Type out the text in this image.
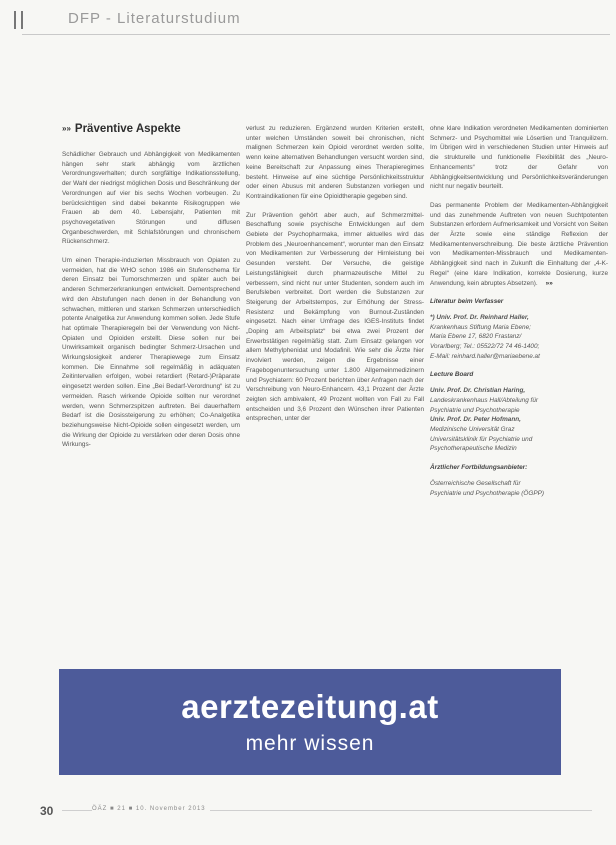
DFP - Literaturstudium
»» Präventive Aspekte

Schädlicher Gebrauch und Abhängigkeit von Medikamenten hängen sehr stark abhängig vom ärztlichen Verordnungsverhalten; durch sorgfältige Indikationsstellung, der Wahl der niedrigst möglichen Dosis und Beschränkung der Verordnungen auf vier bis sechs Wochen vorbeugen. Zu berücksichtigen sind dabei bekannte Risikogruppen wie Frauen ab dem 40. Lebensjahr, Patienten mit psychovegetativen Störungen und diffusen Organbeschwerden, mit Schlafstörungen und chronischem Rückenschmerz.

Um einen Therapie-induzierten Missbrauch von Opiaten zu vermeiden, hat die WHO schon 1986 ein Stufenschema für deren Einsatz bei Tumorschmerzen und später auch bei anderen Schmerzerkrankungen entwickelt. Dementsprechend wird den Abstufungen nach denen in der Behandlung von schwachen, mittleren und starken Schmerzen unterschiedlich potente Analgetika zur Anwendung kommen sollen. Jede Stufe hat optimale Therapieregeln bei der Verwendung von Nicht-Opiaten und Opioiden erstellt. Diese sollen nur bei Unwirksamkeit organisch bedingter Schmerz-Ursachen und Wirkungslosigkeit anderer Therapiewege zum Einsatz kommen. Die Einnahme soll regelmäßig in adäquaten Zeitintervallen erfolgen, wobei retardiert (Retard-)Präparate eingesetzt werden sollen. Eine „Bei Bedarf-Verordnung“ ist zu vermeiden. Rasch wirkende Opioide sollten nur verordnet werden, wenn Schmerzspitzen auftreten. Bei dauerhaftem Bedarf ist die Dosissteigerung zu erhöhen; Co-Analgetika beziehungsweise Nicht-Opioide sollen eingesetzt werden, um die Wirkung der Opioide zu verstärken oder deren Dosis ohne Wirkungs-

verlust zu reduzieren. Ergänzend wurden Kriterien erstellt, unter welchen Umständen soweit bei chronischen, nicht malignen Schmerzen kein Opioid verordnet werden sollte, wenn keine alternativen Behandlungen versucht worden sind, keine Bereitschaft zur Anpassung eines Therapieregimes besteht. Hinweise auf eine süchtige Persönlichkeitsstruktur oder einen Abusus mit anderen Substanzen vorliegen und Kontraindikationen für eine Opioidtherapie gegeben sind.

Zur Prävention gehört aber auch, auf Schmerzmittel-Beschaffung sowie psychische Entwicklungen auf dem Gebiete der Psychopharmaka, immer aktuelles wird das Problem des „Neuroenhancement“, worunter man den Einsatz von Medikamenten zur Verbesserung der Hirnleistung bei Gesunden versteht. Der Versuche, die geistige Leistungsfähigkeit durch pharmazeutische Mittel zu verbessern, sind nicht nur unter Studenten, sondern auch im Berufsleben verbreitet. Dort werden die Substanzen zur Steigerung der Arbeitstempos, zur Erhöhung der Stress-Resistenz und Bekämpfung von Burnout-Zuständen eingesetzt. Nach einer Umfrage des IGES-Instituts findet „Doping am Arbeitsplatz“ bei etwa zwei Prozent der Erwerbstätigen regelmäßig statt. Zum Einsatz gelangen vor allem Methylphenidat und Modafinil. Wie sehr die Ärzte hier involviert werden, zeigen die Ergebnisse einer Fragebogenuntersuchung unter 1.800 Allgemeinmedizinern und Psychiatern: 60 Prozent berichten über Anfragen nach der Verschreibung von Neuro-Enhancern. 43,1 Prozent der Ärzte zeigten sich ambivalent, 49 Prozent wollten von Fall zu Fall entscheiden und 3,6 Prozent den Wünschen ihrer Patienten entsprechen, unter der

ohne klare Indikation verordneten Medikamenten dominierten Schmerz- und Psychomittel wie Lösertien und Tranquilizern. Im Übrigen wird in verschiedenen Studien unter Hinweis auf die strukturelle und funktionelle Flexibilität des „Neuro-Enhancements“ trotz der Gefahr von Abhängigkeitsentwicklung und Persönlichkeitsveränderungen nicht nur negativ beurteilt.

Das permanente Problem der Medikamenten-Abhängigkeit und das zunehmende Auftreten von neuen Suchtpotenten Substanzen erfordern Aufmerksamkeit und Vorsicht von Seiten der Ärzte sowie eine ständige Reflexion der Medikamentenverschreibung. Die beste ärztliche Prävention von Medikamenten-Missbrauch und Medikamenten-Abhängigkeit sind nach in Zukunft die Einhaltung der „4-K-Regel“ (eine klare Indikation, korrekte Dosierung, kurze Anwendung, kein abruptes Absetzen). »»

Literatur beim Verfasser
*) Univ. Prof. Dr. Reinhard Haller,
Krankenhaus Stiftung Maria Ebene;
Maria Ebene 17, 6820 Frastanz/
Vorarlberg; Tel.: 05522/72 74 46-1400;
E-Mail: reinhard.haller@mariaebene.at
Lecture Board
Univ. Prof. Dr. Christian Haring,
Landeskrankenhaus Hall/Abteilung für
Psychiatrie und Psychotherapie
Univ. Prof. Dr. Peter Hofmann,
Medizinische Universität Graz
Universitätsklinik für Psychiatrie und
Psychotherapeutische Medizin
Ärztlicher Fortbildungsanbieter:
Österreichische Gesellschaft für
Psychiatrie und Psychotherapie (ÖGPP)
aerztezeitung.at
mehr wissen
30	ÖÄZ ■ 21 ■ 10. November 2013
